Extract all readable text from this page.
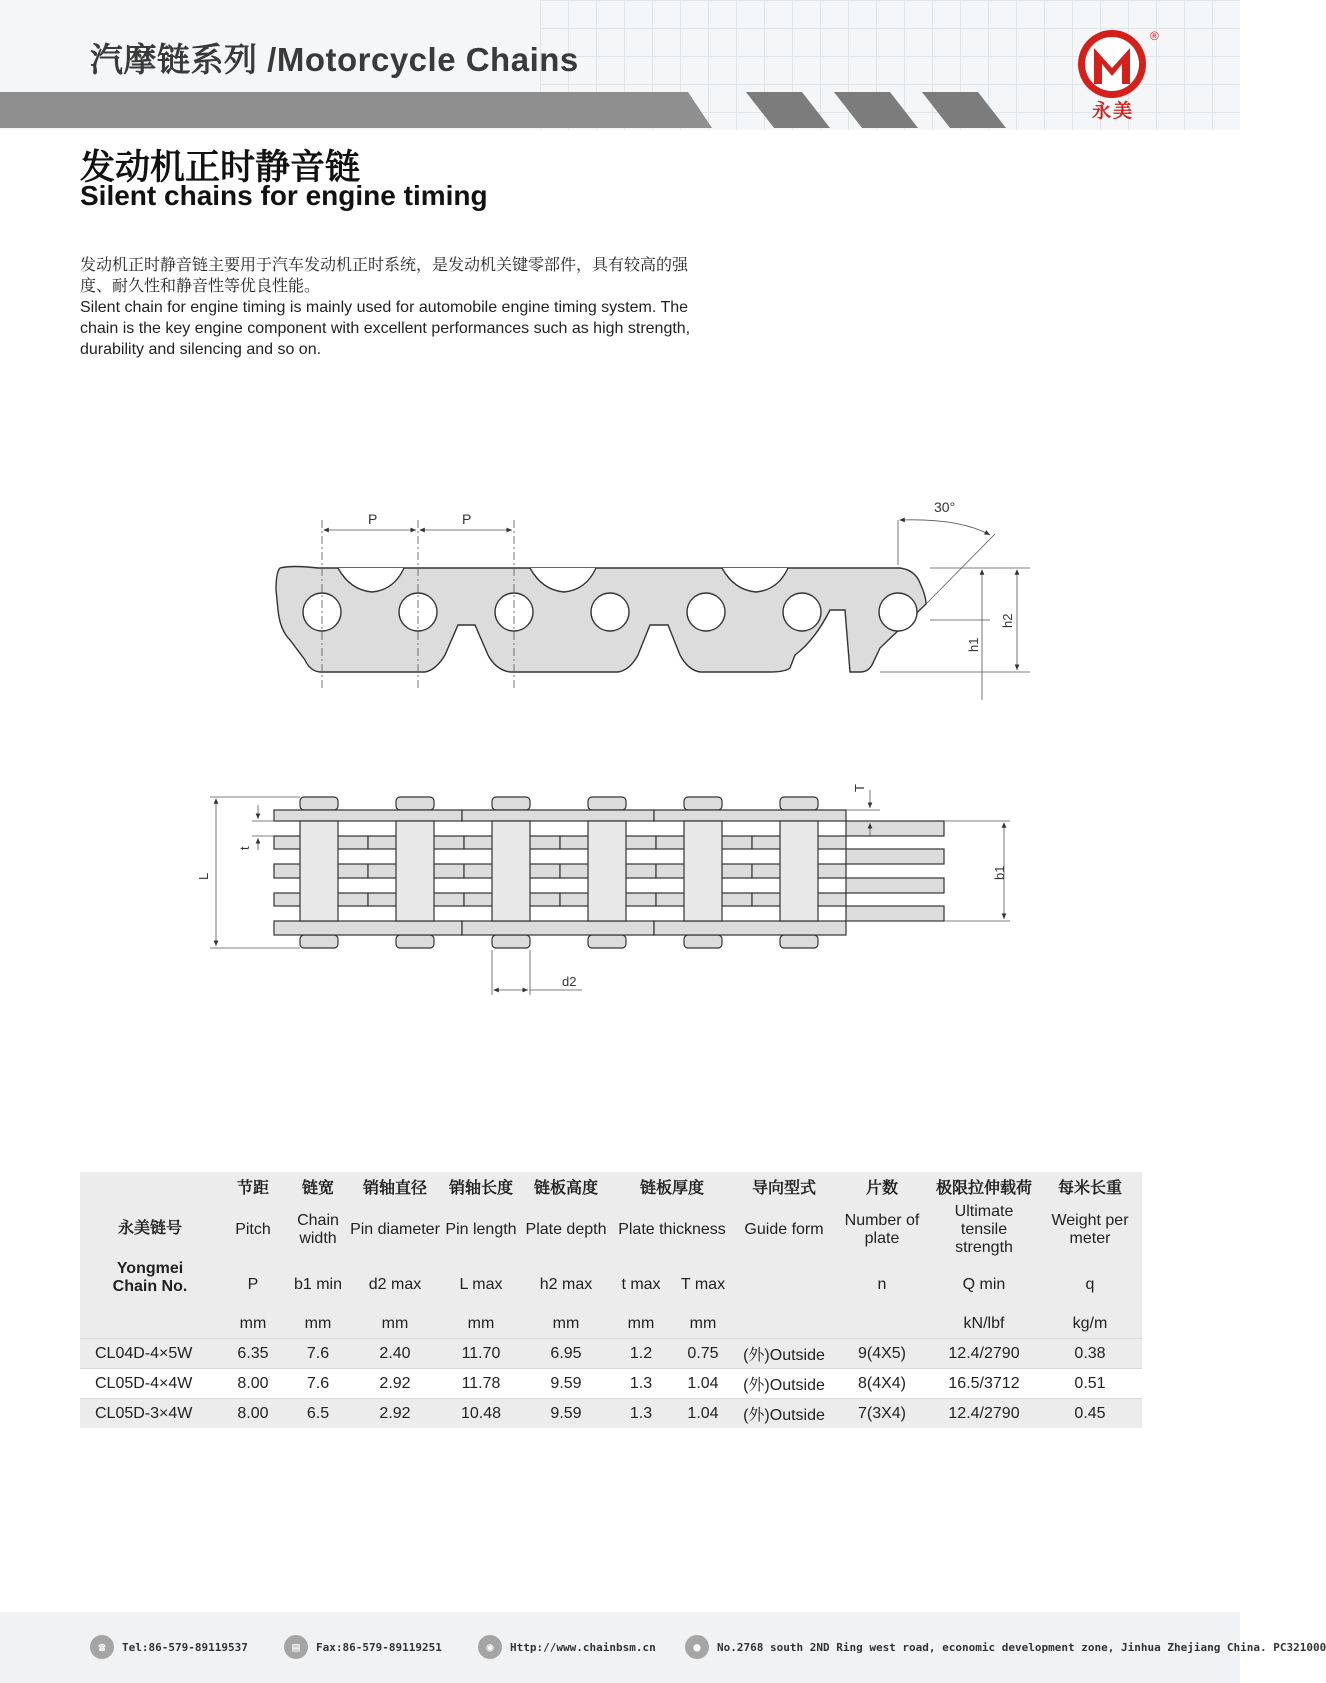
汽摩链系列 /Motorcycle Chains
®
永美
发动机正时静音链
Silent chains for engine timing

发动机正时静音链主要用于汽车发动机正时系统，是发动机关键零部件，具有较高的强度、耐久性和静音性等优良性能。

Silent chain for engine timing is mainly used for automobile engine timing system. The chain is the key engine component with excellent performances such as high strength, durability and silencing and so on.

P	P
30°
h1
h2
L
t
b1
T
d2
永美链号
Yongmei Chain No.	节距	链宽	销轴直径	销轴长度	链板高度	链板厚度		导向型式	片数	极限拉伸载荷	每米长重
	Pitch	Chain width	Pin diameter	Pin length	Plate depth	Plate thickness		Guide form	Number of plate	Ultimate tensile strength	Weight per meter
	P	b1 min	d2 max	L max	h2 max	t max	T max		n	Q min	q
	mm	mm	mm	mm	mm	mm	mm			kN/lbf	kg/m
CL04D-4×5W	6.35	7.6	2.40	11.70	6.95	1.2	0.75	(外)Outside	9(4X5)	12.4/2790	0.38
CL05D-4×4W	8.00	7.6	2.92	11.78	9.59	1.3	1.04	(外)Outside	8(4X4)	16.5/3712	0.51
CL05D-3×4W	8.00	6.5	2.92	10.48	9.59	1.3	1.04	(外)Outside	7(3X4)	12.4/2790	0.45
☎	Tel:86-579-89119537	▤	Fax:86-579-89119251	◉	Http://www.chainbsm.cn	●	No.2768 south 2ND Ring west road, economic development zone, Jinhua Zhejiang China. PC321000
